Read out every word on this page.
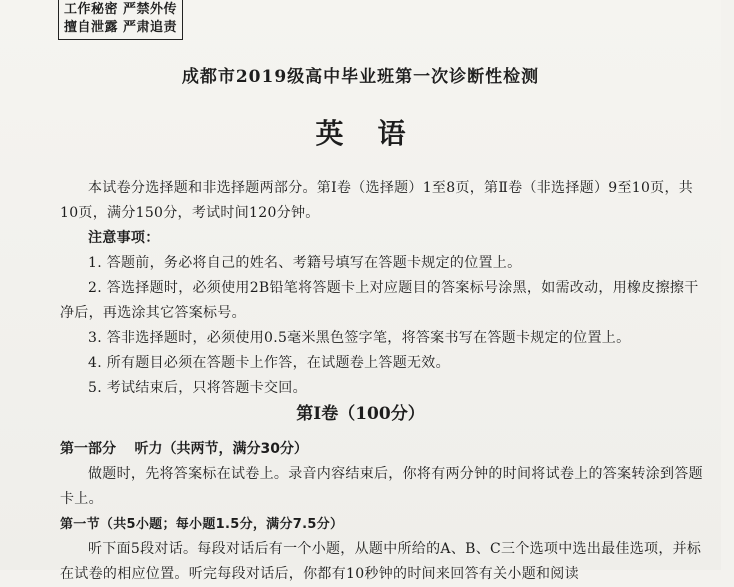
工作秘密 严禁外传
擅自泄露 严肃追责
成都市2019级高中毕业班第一次诊断性检测
英语
本试卷分选择题和非选择题两部分。第Ⅰ卷（选择题）1至8页，第Ⅱ卷（非选择题）9至10页，共10页，满分150分，考试时间120分钟。
注意事项：
1. 答题前，务必将自己的姓名、考籍号填写在答题卡规定的位置上。
2. 答选择题时，必须使用2B铅笔将答题卡上对应题目的答案标号涂黑，如需改动，用橡皮擦擦干净后，再选涂其它答案标号。
3. 答非选择题时，必须使用0.5毫米黑色签字笔，将答案书写在答题卡规定的位置上。
4. 所有题目必须在答题卡上作答，在试题卷上答题无效。
5. 考试结束后，只将答题卡交回。
第Ⅰ卷（100分）
第一部分 听力（共两节，满分30分）
做题时，先将答案标在试卷上。录音内容结束后，你将有两分钟的时间将试卷上的答案转涂到答题卡上。
第一节（共5小题；每小题1.5分，满分7.5分）
听下面5段对话。每段对话后有一个小题，从题中所给的A、B、C三个选项中选出最佳选项，并标在试卷的相应位置。听完每段对话后，你都有10秒钟的时间来回答有关小题和阅读
